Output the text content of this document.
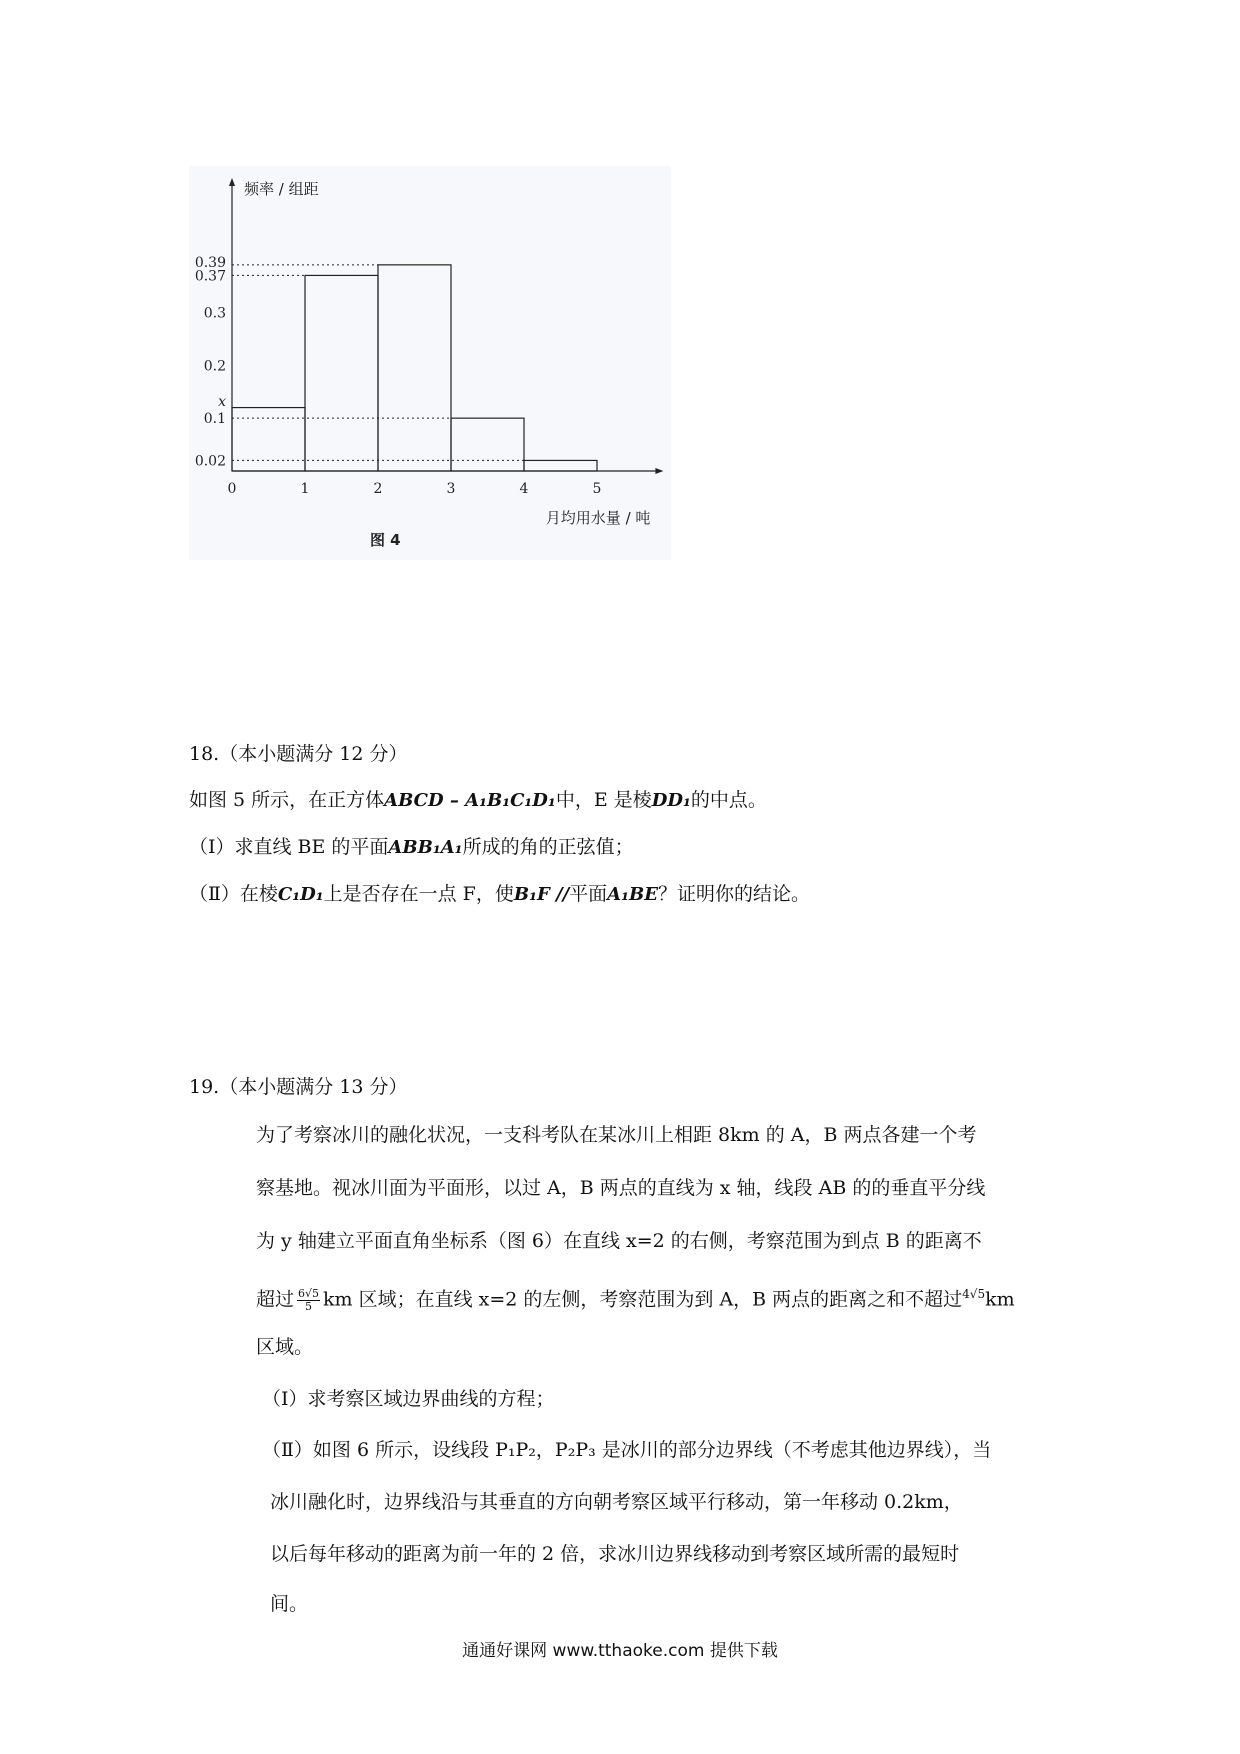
频率 / 组距
0.02
0.1
x
0.2
0.3
0.37
0.39
0	1	2	3	4	5
月均用水量 / 吨
图 4
18.（本小题满分 12 分）
如图 5 所示，在正方体ABCD – A₁B₁C₁D₁中，E 是棱DD₁的中点。
（Ⅰ）求直线 BE 的平面ABB₁A₁所成的角的正弦值；
（Ⅱ）在棱C₁D₁上是否存在一点 F，使B₁F //平面A₁BE？证明你的结论。
19.（本小题满分 13 分）
为了考察冰川的融化状况，一支科考队在某冰川上相距 8km 的 A，B 两点各建一个考
察基地。视冰川面为平面形，以过 A，B 两点的直线为 x 轴，线段 AB 的的垂直平分线
为 y 轴建立平面直角坐标系（图 6）在直线 x=2 的右侧，考察范围为到点 B 的距离不
超过 $\frac{6√5}{5}$ km 区域；在直线 x=2 的左侧，考察范围为到 A，B 两点的距离之和不超过$^{4√5}$km
区域。
（Ⅰ）求考察区域边界曲线的方程；
（Ⅱ）如图 6 所示，设线段 P₁P₂，P₂P₃ 是冰川的部分边界线（不考虑其他边界线），当
冰川融化时，边界线沿与其垂直的方向朝考察区域平行移动，第一年移动 0.2km，
以后每年移动的距离为前一年的 2 倍，求冰川边界线移动到考察区域所需的最短时
间。
通通好课网 www.tthaoke.com 提供下载
